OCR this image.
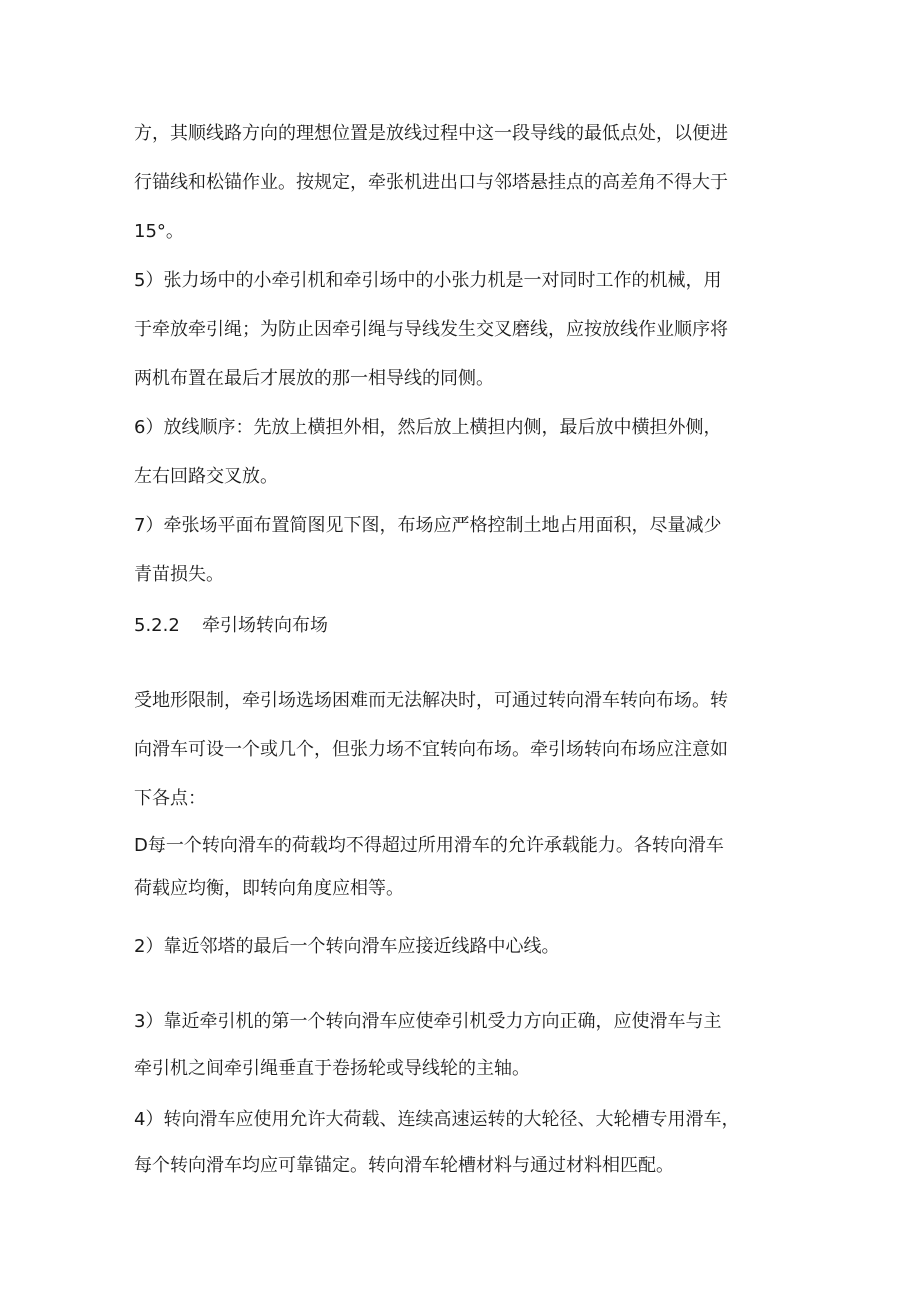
方，其顺线路方向的理想位置是放线过程中这一段导线的最低点处，以便进
行锚线和松锚作业。按规定，牵张机进出口与邻塔悬挂点的高差角不得大于
15°。
5）张力场中的小牵引机和牵引场中的小张力机是一对同时工作的机械，用
于牵放牵引绳；为防止因牵引绳与导线发生交叉磨线，应按放线作业顺序将
两机布置在最后才展放的那一相导线的同侧。
6）放线顺序：先放上横担外相，然后放上横担内侧，最后放中横担外侧，
左右回路交叉放。
7）牵张场平面布置简图见下图，布场应严格控制土地占用面积，尽量减少
青苗损失。
5.2.2 牵引场转向布场
受地形限制，牵引场选场困难而无法解决时，可通过转向滑车转向布场。转
向滑车可设一个或几个，但张力场不宜转向布场。牵引场转向布场应注意如
下各点：
D每一个转向滑车的荷载均不得超过所用滑车的允许承载能力。各转向滑车
荷载应均衡，即转向角度应相等。
2）靠近邻塔的最后一个转向滑车应接近线路中心线。
3）靠近牵引机的第一个转向滑车应使牵引机受力方向正确，应使滑车与主
牵引机之间牵引绳垂直于卷扬轮或导线轮的主轴。
4）转向滑车应使用允许大荷载、连续高速运转的大轮径、大轮槽专用滑车，
每个转向滑车均应可靠锚定。转向滑车轮槽材料与通过材料相匹配。
